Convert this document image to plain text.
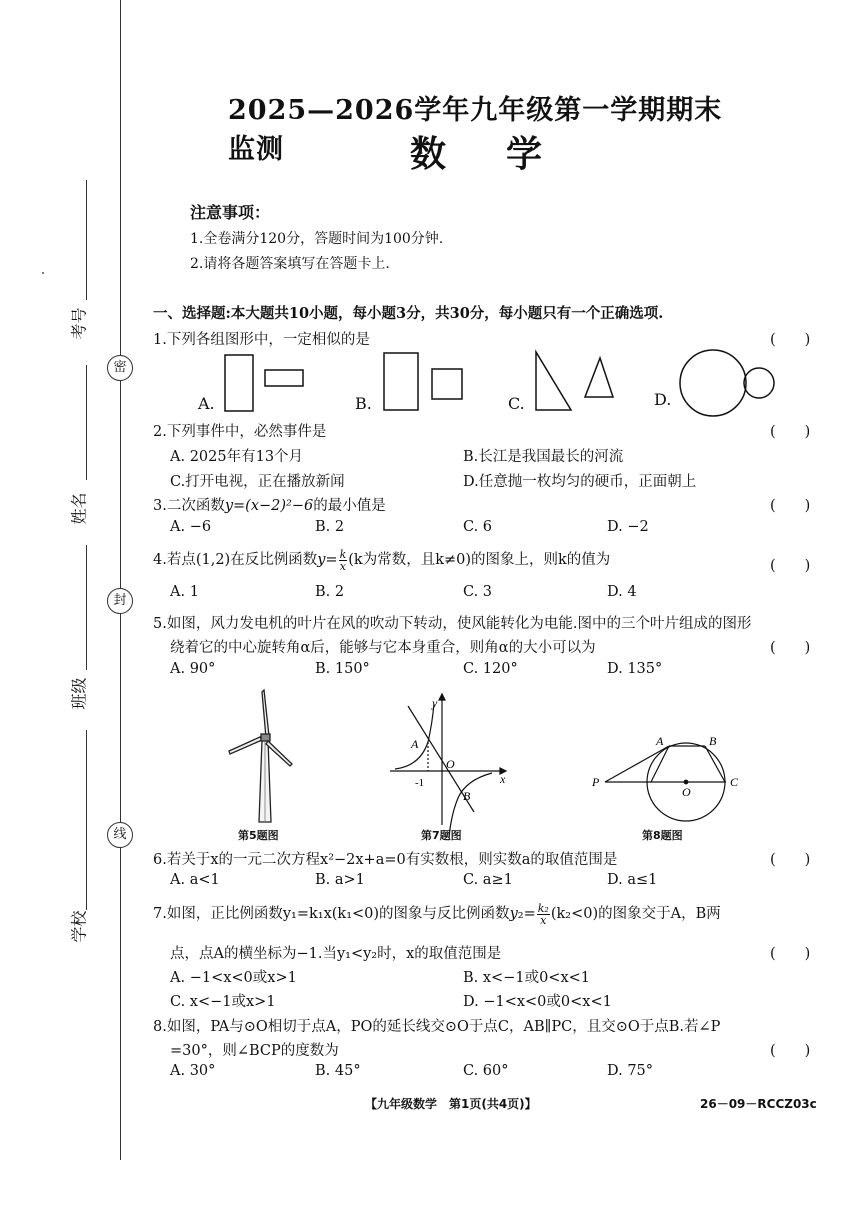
考号
姓名
班级
学校
密
封
线
2025—2026学年九年级第一学期期末监测	数学
注意事项：
1.全卷满分120分，答题时间为100分钟.
2.请将各题答案填写在答题卡上.
一、选择题:本大题共10小题，每小题3分，共30分，每小题只有一个正确选项.
1.下列各组图形中，一定相似的是	(　　)
A.	B.	C.	D.
2.下列事件中，必然事件是	(　　)
A. 2025年有13个月	B.长江是我国最长的河流
C.打开电视，正在播放新闻	D.任意抛一枚均匀的硬币，正面朝上
3.二次函数y=(x−2)²−6的最小值是	(　　)
A. −6	B. 2	C. 6	D. −2
4.若点(1,2)在反比例函数$y= \frac{k}{x} (k$为常数，且k≠0)的图象上，则k的值为	(　　)
A. 1	B. 2	C. 3	D. 4
5.如图，风力发电机的叶片在风的吹动下转动，使风能转化为电能.图中的三个叶片组成的图形
绕着它的中心旋转角α后，能够与它本身重合，则角α的大小可以为	(　　)
A. 90°	B. 150°	C. 120°	D. 135°
y
x
A
O
B
-1
A	B
P
O
C
第5题图	第7题图	第8题图
6.若关于x的一元二次方程x²−2x+a=0有实数根，则实数a的取值范围是	(　　)
A. a<1	B. a>1	C. a≥1	D. a≤1
7.如图，正比例函数y₁=k₁x(k₁<0)的图象与反比例函数$y_2= \frac{\text{k₂}}{x} (k_2<0)$的图象交于A，B两
点，点A的横坐标为−1.当y₁<y₂时，x的取值范围是	(　　)
A. −1<x<0或x>1	B. x<−1或0<x<1
C. x<−1或x>1	D. −1<x<0或0<x<1
8.如图，PA与⊙O相切于点A，PO的延长线交⊙O于点C，AB∥PC，且交⊙O于点B.若∠P
=30°，则∠BCP的度数为	(　　)
A. 30°	B. 45°	C. 60°	D. 75°
【九年级数学　第1页(共4页)】	26－09－RCCZ03c
